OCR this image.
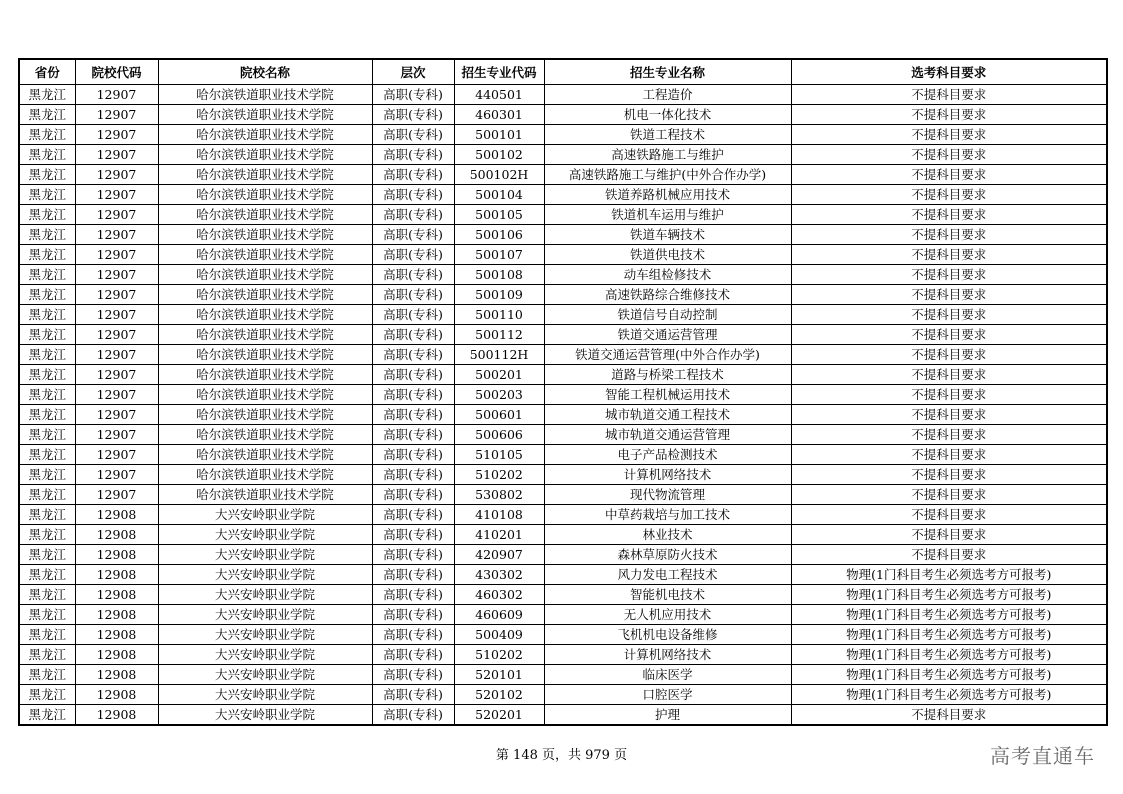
省份	院校代码	院校名称	层次	招生专业代码	招生专业名称	选考科目要求
黑龙江	12907	哈尔滨铁道职业技术学院	高职(专科)	440501	工程造价	不提科目要求
黑龙江	12907	哈尔滨铁道职业技术学院	高职(专科)	460301	机电一体化技术	不提科目要求
黑龙江	12907	哈尔滨铁道职业技术学院	高职(专科)	500101	铁道工程技术	不提科目要求
黑龙江	12907	哈尔滨铁道职业技术学院	高职(专科)	500102	高速铁路施工与维护	不提科目要求
黑龙江	12907	哈尔滨铁道职业技术学院	高职(专科)	500102H	高速铁路施工与维护(中外合作办学)	不提科目要求
黑龙江	12907	哈尔滨铁道职业技术学院	高职(专科)	500104	铁道养路机械应用技术	不提科目要求
黑龙江	12907	哈尔滨铁道职业技术学院	高职(专科)	500105	铁道机车运用与维护	不提科目要求
黑龙江	12907	哈尔滨铁道职业技术学院	高职(专科)	500106	铁道车辆技术	不提科目要求
黑龙江	12907	哈尔滨铁道职业技术学院	高职(专科)	500107	铁道供电技术	不提科目要求
黑龙江	12907	哈尔滨铁道职业技术学院	高职(专科)	500108	动车组检修技术	不提科目要求
黑龙江	12907	哈尔滨铁道职业技术学院	高职(专科)	500109	高速铁路综合维修技术	不提科目要求
黑龙江	12907	哈尔滨铁道职业技术学院	高职(专科)	500110	铁道信号自动控制	不提科目要求
黑龙江	12907	哈尔滨铁道职业技术学院	高职(专科)	500112	铁道交通运营管理	不提科目要求
黑龙江	12907	哈尔滨铁道职业技术学院	高职(专科)	500112H	铁道交通运营管理(中外合作办学)	不提科目要求
黑龙江	12907	哈尔滨铁道职业技术学院	高职(专科)	500201	道路与桥梁工程技术	不提科目要求
黑龙江	12907	哈尔滨铁道职业技术学院	高职(专科)	500203	智能工程机械运用技术	不提科目要求
黑龙江	12907	哈尔滨铁道职业技术学院	高职(专科)	500601	城市轨道交通工程技术	不提科目要求
黑龙江	12907	哈尔滨铁道职业技术学院	高职(专科)	500606	城市轨道交通运营管理	不提科目要求
黑龙江	12907	哈尔滨铁道职业技术学院	高职(专科)	510105	电子产品检测技术	不提科目要求
黑龙江	12907	哈尔滨铁道职业技术学院	高职(专科)	510202	计算机网络技术	不提科目要求
黑龙江	12907	哈尔滨铁道职业技术学院	高职(专科)	530802	现代物流管理	不提科目要求
黑龙江	12908	大兴安岭职业学院	高职(专科)	410108	中草药栽培与加工技术	不提科目要求
黑龙江	12908	大兴安岭职业学院	高职(专科)	410201	林业技术	不提科目要求
黑龙江	12908	大兴安岭职业学院	高职(专科)	420907	森林草原防火技术	不提科目要求
黑龙江	12908	大兴安岭职业学院	高职(专科)	430302	风力发电工程技术	物理(1门科目考生必须选考方可报考)
黑龙江	12908	大兴安岭职业学院	高职(专科)	460302	智能机电技术	物理(1门科目考生必须选考方可报考)
黑龙江	12908	大兴安岭职业学院	高职(专科)	460609	无人机应用技术	物理(1门科目考生必须选考方可报考)
黑龙江	12908	大兴安岭职业学院	高职(专科)	500409	飞机机电设备维修	物理(1门科目考生必须选考方可报考)
黑龙江	12908	大兴安岭职业学院	高职(专科)	510202	计算机网络技术	物理(1门科目考生必须选考方可报考)
黑龙江	12908	大兴安岭职业学院	高职(专科)	520101	临床医学	物理(1门科目考生必须选考方可报考)
黑龙江	12908	大兴安岭职业学院	高职(专科)	520102	口腔医学	物理(1门科目考生必须选考方可报考)
黑龙江	12908	大兴安岭职业学院	高职(专科)	520201	护理	不提科目要求
第 148 页，共 979 页	高考直通车
